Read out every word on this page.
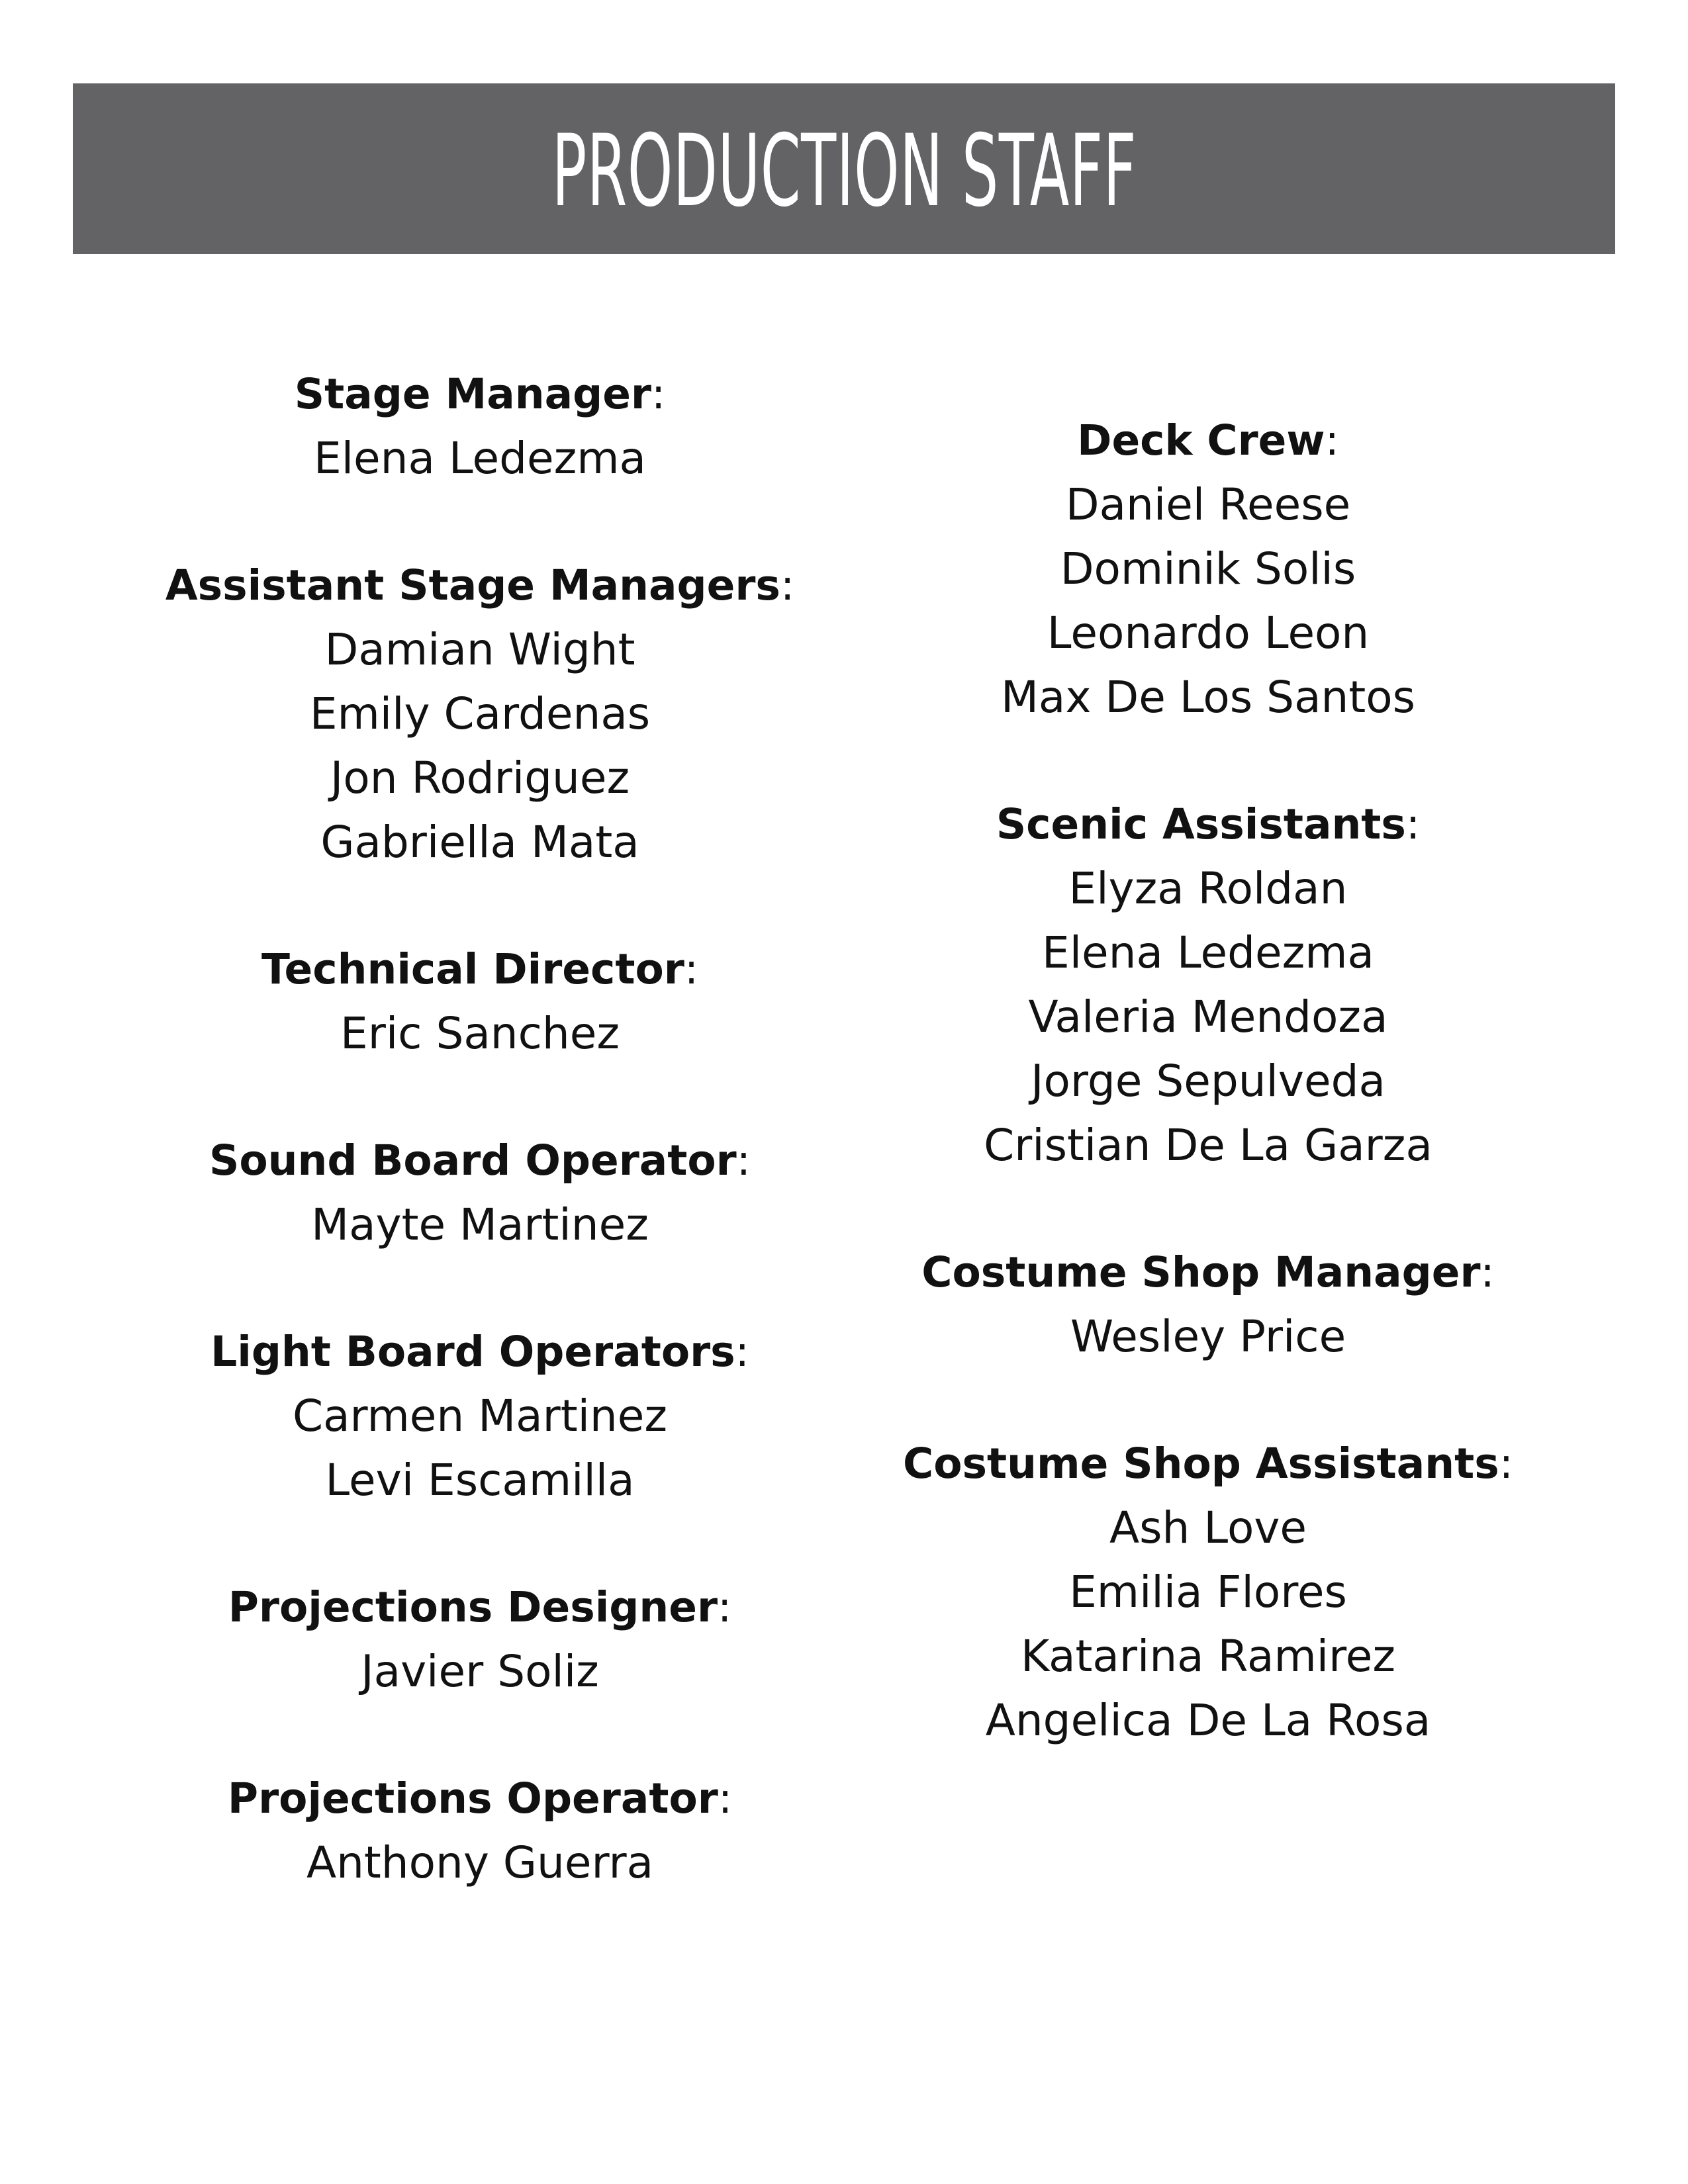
PRODUCTION STAFF
Stage Manager:
Elena Ledezma
Assistant Stage Managers:
Damian Wight
Emily Cardenas
Jon Rodriguez
Gabriella Mata
Technical Director:
Eric Sanchez
Sound Board Operator:
Mayte Martinez
Light Board Operators:
Carmen Martinez
Levi Escamilla
Projections Designer:
Javier Soliz
Projections Operator:
Anthony Guerra
Deck Crew:
Daniel Reese
Dominik Solis
Leonardo Leon
Max De Los Santos
Scenic Assistants:
Elyza Roldan
Elena Ledezma
Valeria Mendoza
Jorge Sepulveda
Cristian De La Garza
Costume Shop Manager:
Wesley Price
Costume Shop Assistants:
Ash Love
Emilia Flores
Katarina Ramirez
Angelica De La Rosa
